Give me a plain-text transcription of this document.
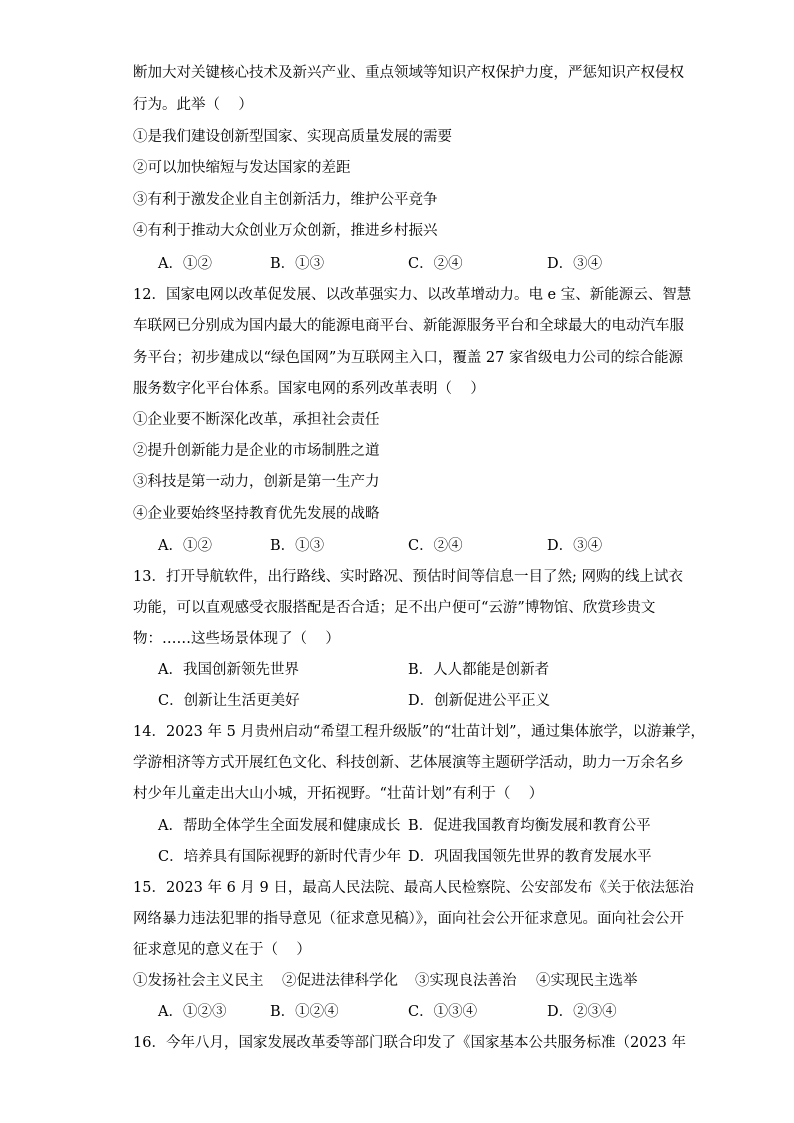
断加大对关键核心技术及新兴产业、重点领域等知识产权保护力度，严惩知识产权侵权
行为。此举（    ）
①是我们建设创新型国家、实现高质量发展的需要
②可以加快缩短与发达国家的差距
③有利于激发企业自主创新活力，维护公平竞争
④有利于推动大众创业万众创新，推进乡村振兴
A．①②	B．①③	C．②④	D．③④
12．国家电网以改革促发展、以改革强实力、以改革增动力。电 e 宝、新能源云、智慧
车联网已分别成为国内最大的能源电商平台、新能源服务平台和全球最大的电动汽车服
务平台；初步建成以“绿色国网”为互联网主入口，覆盖 27 家省级电力公司的综合能源
服务数字化平台体系。国家电网的系列改革表明（    ）
①企业要不断深化改革，承担社会责任
②提升创新能力是企业的市场制胜之道
③科技是第一动力，创新是第一生产力
④企业要始终坚持教育优先发展的战略
A．①②	B．①③	C．②④	D．③④
13．打开导航软件，出行路线、实时路况、预估时间等信息一目了然; 网购的线上试衣
功能，可以直观感受衣服搭配是否合适；足不出户便可“云游”博物馆、欣赏珍贵文
物：……这些场景体现了（    ）
A．我国创新领先世界	B．人人都能是创新者
C．创新让生活更美好	D．创新促进公平正义
14．2023 年 5 月贵州启动“希望工程升级版”的“壮苗计划”，通过集体旅学，以游兼学，
学游相济等方式开展红色文化、科技创新、艺体展演等主题研学活动，助力一万余名乡
村少年儿童走出大山小城，开拓视野。“壮苗计划”有利于（    ）
A．帮助全体学生全面发展和健康成长 B．促进我国教育均衡发展和教育公平
C．培养具有国际视野的新时代青少年 D．巩固我国领先世界的教育发展水平
15．2023 年 6 月 9 日，最高人民法院、最高人民检察院、公安部发布《关于依法惩治
网络暴力违法犯罪的指导意见（征求意见稿）》，面向社会公开征求意见。面向社会公开
征求意见的意义在于（    ）
①发扬社会主义民主 ②促进法律科学化 ③实现良法善治 ④实现民主选举
A．①②③	B．①②④	C．①③④	D．②③④
16．今年八月，国家发展改革委等部门联合印发了《国家基本公共服务标准（2023 年
